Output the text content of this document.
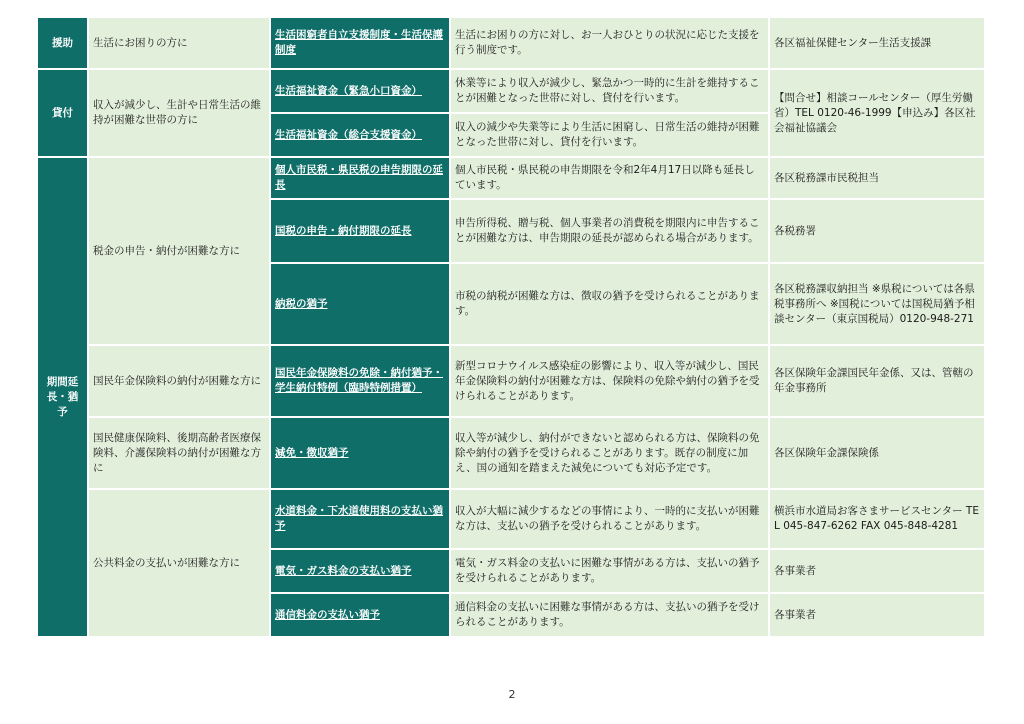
援助	生活にお困りの方に	生活困窮者自立支援制度・生活保護制度	生活にお困りの方に対し、お一人おひとりの状況に応じた支援を行う制度です。	各区福祉保健センター生活支援課
貸付	収入が減少し、生計や日常生活の維持が困難な世帯の方に	生活福祉資金（緊急小口資金）	休業等により収入が減少し、緊急かつ一時的に生計を維持することが困難となった世帯に対し、貸付を行います。	【問合せ】相談コールセンター（厚生労働省）TEL 0120-46-1999【申込み】各区社会福祉協議会
		生活福祉資金（総合支援資金）	収入の減少や失業等により生活に困窮し、日常生活の維持が困難となった世帯に対し、貸付を行います。	
期間延長・猶予	税金の申告・納付が困難な方に	個人市民税・県民税の申告期限の延長	個人市民税・県民税の申告期限を令和2年4月17日以降も延長しています。	各区税務課市民税担当
		国税の申告・納付期限の延長	申告所得税、贈与税、個人事業者の消費税を期限内に申告することが困難な方は、申告期限の延長が認められる場合があります。	各税務署
		納税の猶予	市税の納税が困難な方は、徴収の猶予を受けられることがあります。	各区税務課収納担当 ※県税については各県税事務所へ ※国税については国税局猶予相談センター（東京国税局）0120-948-271
	国民年金保険料の納付が困難な方に	国民年金保険料の免除・納付猶予・学生納付特例（臨時特例措置）	新型コロナウイルス感染症の影響により、収入等が減少し、国民年金保険料の納付が困難な方は、保険料の免除や納付の猶予を受けられることがあります。	各区保険年金課国民年金係、又は、管轄の年金事務所
	国民健康保険料、後期高齢者医療保険料、介護保険料の納付が困難な方に	減免・徴収猶予	収入等が減少し、納付ができないと認められる方は、保険料の免除や納付の猶予を受けられることがあります。既存の制度に加え、国の通知を踏まえた減免についても対応予定です。	各区保険年金課保険係
	公共料金の支払いが困難な方に	水道料金・下水道使用料の支払い猶予	収入が大幅に減少するなどの事情により、一時的に支払いが困難な方は、支払いの猶予を受けられることがあります。	横浜市水道局お客さまサービスセンター TEL 045-847-6262 FAX 045-848-4281
		電気・ガス料金の支払い猶予	電気・ガス料金の支払いに困難な事情がある方は、支払いの猶予を受けられることがあります。	各事業者
		通信料金の支払い猶予	通信料金の支払いに困難な事情がある方は、支払いの猶予を受けられることがあります。	各事業者
2
